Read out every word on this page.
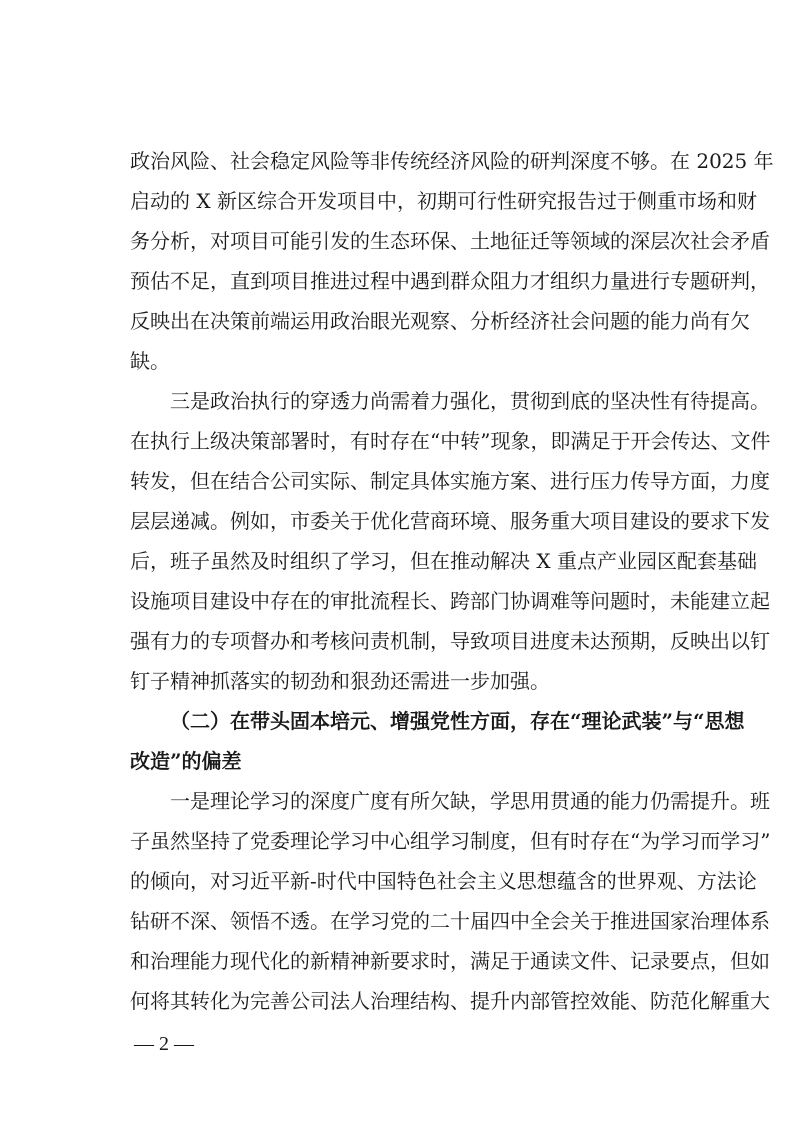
政治风险、社会稳定风险等非传统经济风险的研判深度不够。在 2025 年
启动的 X 新区综合开发项目中，初期可行性研究报告过于侧重市场和财
务分析，对项目可能引发的生态环保、土地征迁等领域的深层次社会矛盾
预估不足，直到项目推进过程中遇到群众阻力才组织力量进行专题研判，
反映出在决策前端运用政治眼光观察、分析经济社会问题的能力尚有欠
缺。
三是政治执行的穿透力尚需着力强化，贯彻到底的坚决性有待提高。
在执行上级决策部署时，有时存在“中转”现象，即满足于开会传达、文件
转发，但在结合公司实际、制定具体实施方案、进行压力传导方面，力度
层层递减。例如，市委关于优化营商环境、服务重大项目建设的要求下发
后，班子虽然及时组织了学习，但在推动解决 X 重点产业园区配套基础
设施项目建设中存在的审批流程长、跨部门协调难等问题时，未能建立起
强有力的专项督办和考核问责机制，导致项目进度未达预期，反映出以钉
钉子精神抓落实的韧劲和狠劲还需进一步加强。
（二）在带头固本培元、增强党性方面，存在“理论武装”与“思想
改造”的偏差
一是理论学习的深度广度有所欠缺，学思用贯通的能力仍需提升。班
子虽然坚持了党委理论学习中心组学习制度，但有时存在“为学习而学习”
的倾向，对习近平新-时代中国特色社会主义思想蕴含的世界观、方法论
钻研不深、领悟不透。在学习党的二十届四中全会关于推进国家治理体系
和治理能力现代化的新精神新要求时，满足于通读文件、记录要点，但如
何将其转化为完善公司法人治理结构、提升内部管控效能、防范化解重大
— 2 —
